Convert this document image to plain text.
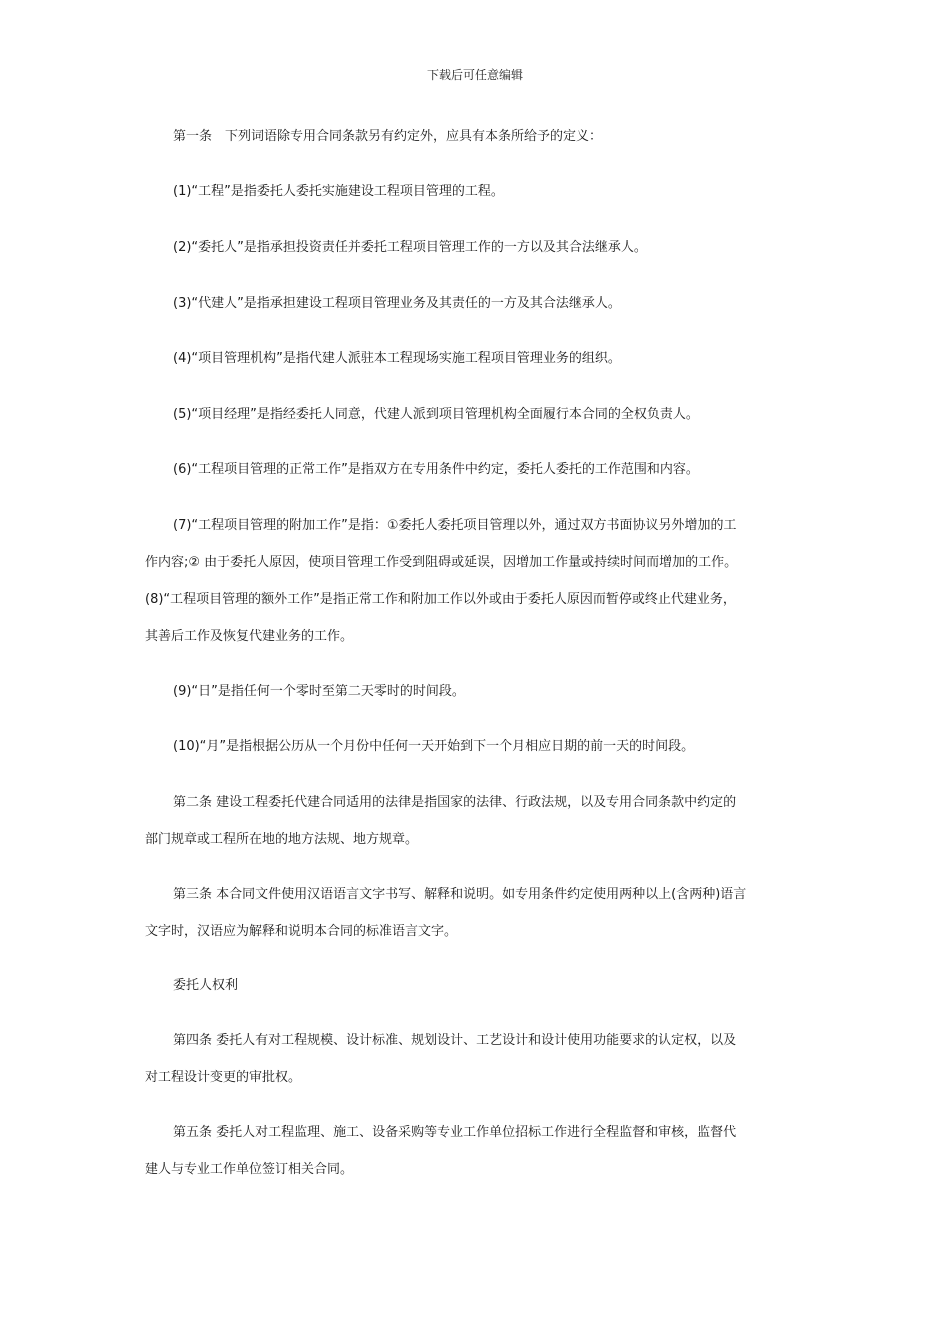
下载后可任意编辑

第一条　下列词语除专用合同条款另有约定外，应具有本条所给予的定义：

(1)“工程”是指委托人委托实施建设工程项目管理的工程。

(2)“委托人”是指承担投资责任并委托工程项目管理工作的一方以及其合法继承人。

(3)“代建人”是指承担建设工程项目管理业务及其责任的一方及其合法继承人。

(4)“项目管理机构”是指代建人派驻本工程现场实施工程项目管理业务的组织。

(5)“项目经理”是指经委托人同意，代建人派到项目管理机构全面履行本合同的全权负责人。

(6)“工程项目管理的正常工作”是指双方在专用条件中约定，委托人委托的工作范围和内容。

(7)“工程项目管理的附加工作”是指：①委托人委托项目管理以外，通过双方书面协议另外增加的工
作内容;② 由于委托人原因，使项目管理工作受到阻碍或延误，因增加工作量或持续时间而增加的工作。
(8)“工程项目管理的额外工作”是指正常工作和附加工作以外或由于委托人原因而暂停或终止代建业务，
其善后工作及恢复代建业务的工作。

(9)“日”是指任何一个零时至第二天零时的时间段。

(10)“月”是指根据公历从一个月份中任何一天开始到下一个月相应日期的前一天的时间段。

第二条 建设工程委托代建合同适用的法律是指国家的法律、行政法规，以及专用合同条款中约定的
部门规章或工程所在地的地方法规、地方规章。

第三条 本合同文件使用汉语语言文字书写、解释和说明。如专用条件约定使用两种以上(含两种)语言
文字时，汉语应为解释和说明本合同的标准语言文字。

委托人权利

第四条 委托人有对工程规模、设计标准、规划设计、工艺设计和设计使用功能要求的认定权，以及
对工程设计变更的审批权。

第五条 委托人对工程监理、施工、设备采购等专业工作单位招标工作进行全程监督和审核，监督代
建人与专业工作单位签订相关合同。
